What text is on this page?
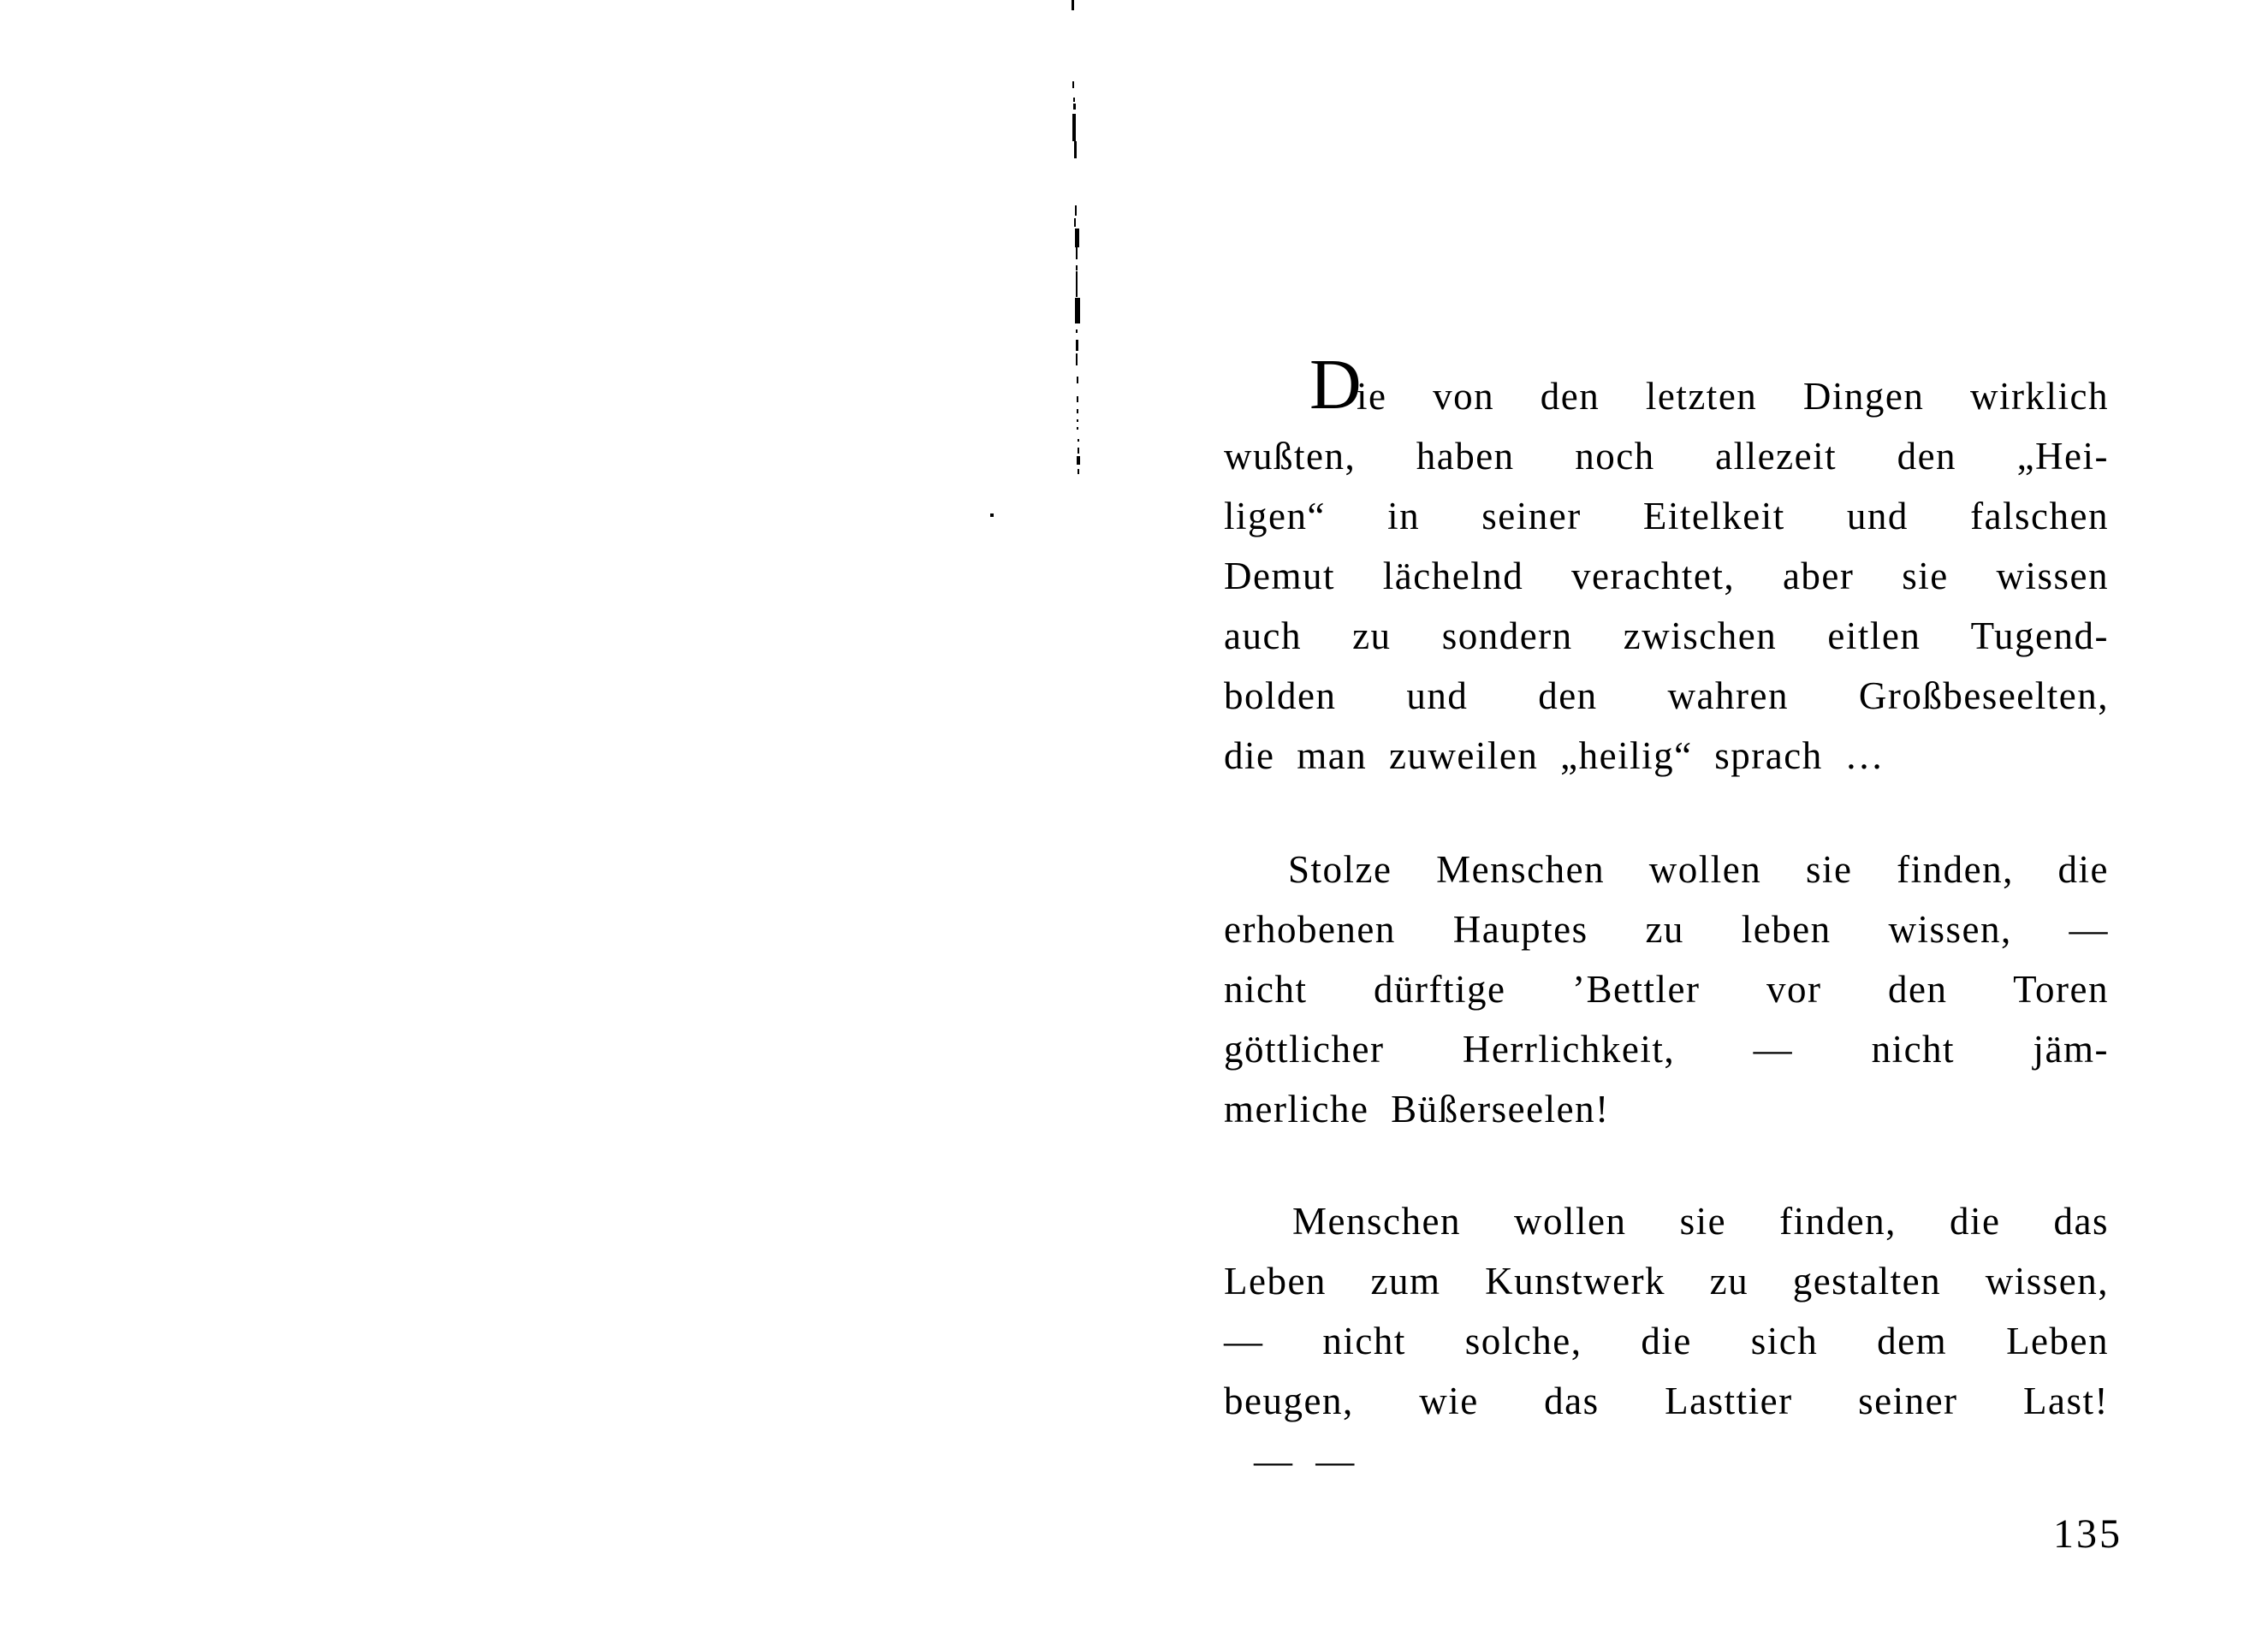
D
ie von den letzten Dingen wirklich
wußten, haben noch allezeit den „Hei-
ligen“ in seiner Eitelkeit und falschen
Demut lächelnd verachtet, aber sie wissen
auch zu sondern zwischen eitlen Tugend-
bolden und den wahren Großbeseelten,
die man zuweilen „heilig“ sprach …
Stolze Menschen wollen sie finden, die
erhobenen Hauptes zu leben wissen, —
nicht dürftige ’Bettler vor den Toren
göttlicher Herrlichkeit, — nicht jäm-
merliche Büßerseelen!
Menschen wollen sie finden, die das
Leben zum Kunstwerk zu gestalten wissen,
— nicht solche, die sich dem Leben
beugen, wie das Lasttier seiner Last!
— —
135
